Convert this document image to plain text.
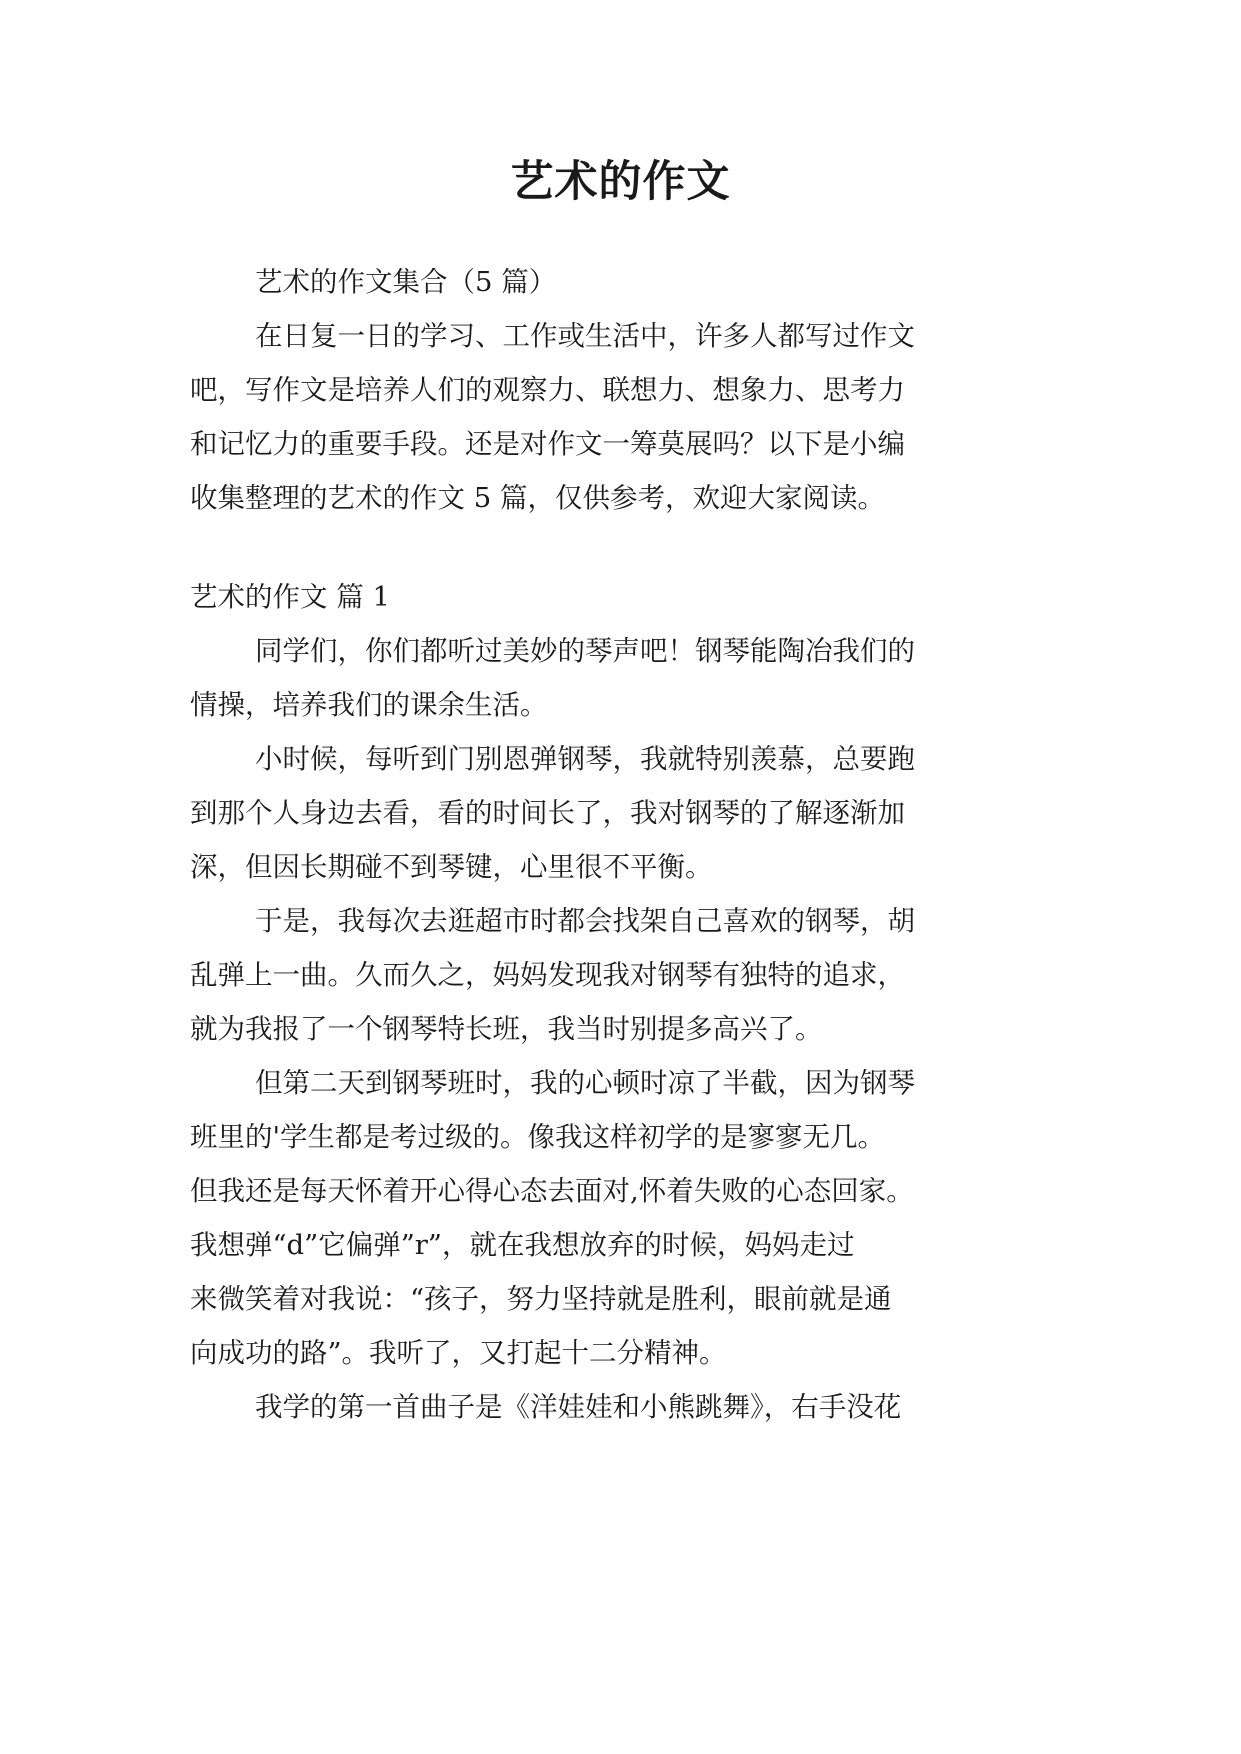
艺术的作文
艺术的作文集合（5 篇）
在日复一日的学习、工作或生活中，许多人都写过作文
吧，写作文是培养人们的观察力、联想力、想象力、思考力
和记忆力的重要手段。还是对作文一筹莫展吗？以下是小编
收集整理的艺术的作文 5 篇，仅供参考，欢迎大家阅读。
艺术的作文 篇 1
同学们，你们都听过美妙的琴声吧！钢琴能陶冶我们的
情操，培养我们的课余生活。
小时候，每听到门别恩弹钢琴，我就特别羡慕，总要跑
到那个人身边去看，看的时间长了，我对钢琴的了解逐渐加
深，但因长期碰不到琴键，心里很不平衡。
于是，我每次去逛超市时都会找架自己喜欢的钢琴，胡
乱弹上一曲。久而久之，妈妈发现我对钢琴有独特的追求，
就为我报了一个钢琴特长班，我当时别提多高兴了。
但第二天到钢琴班时，我的心顿时凉了半截，因为钢琴
班里的'学生都是考过级的。像我这样初学的是寥寥无几。
但我还是每天怀着开心得心态去面对,怀着失败的心态回家。
我想弹“d”它偏弹”r”，就在我想放弃的时候，妈妈走过
来微笑着对我说：“孩子，努力坚持就是胜利，眼前就是通
向成功的路”。我听了，又打起十二分精神。
我学的第一首曲子是《洋娃娃和小熊跳舞》，右手没花
